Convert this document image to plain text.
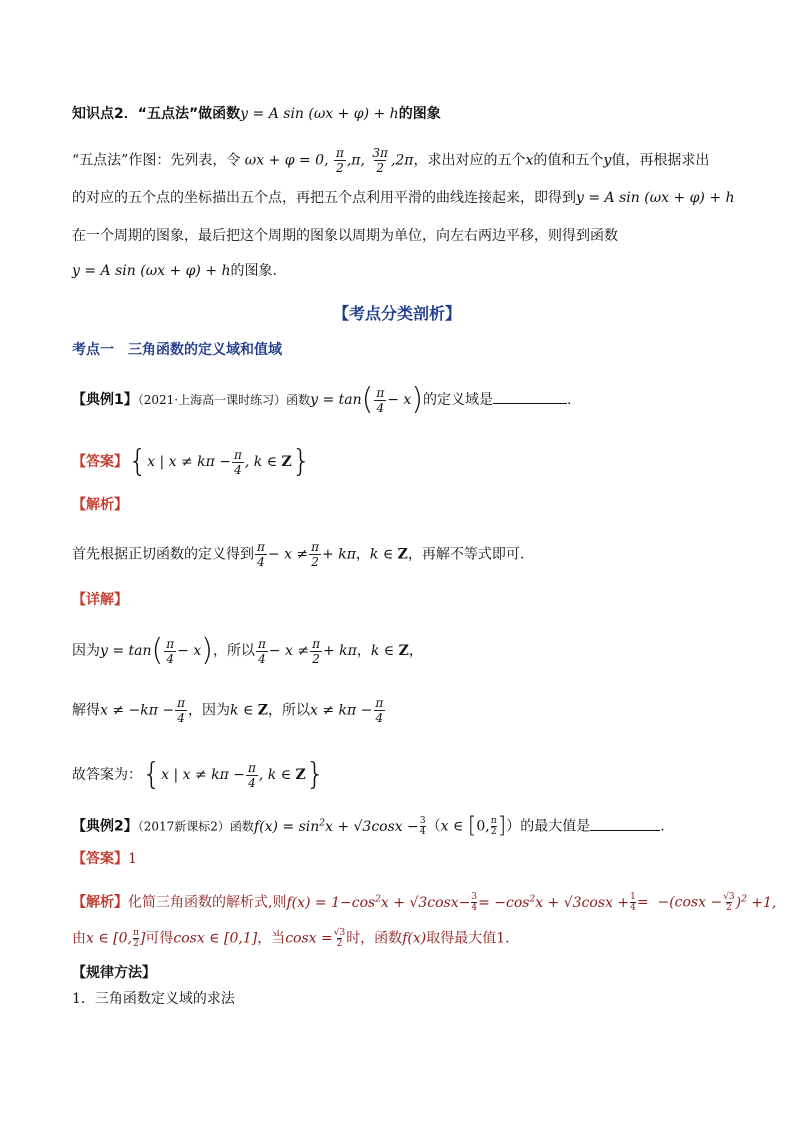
知识点2．“五点法”做函数y = A sin (ωx + φ) + h的图象
“五点法”作图：先列表，令 ωx + φ = 0, $\frac{\pi}{2} ,\pi$, $\frac{3\pi}{2} ,2\pi$，求出对应的五个x的值和五个y值，再根据求出
的对应的五个点的坐标描出五个点，再把五个点利用平滑的曲线连接起来，即得到y = A sin (ωx + φ) + h
在一个周期的图象，最后把这个周期的图象以周期为单位，向左右两边平移，则得到函数
y = A sin (ωx + φ) + h的图象.
【考点分类剖析】
考点一　三角函数的定义域和值域
【典例1】（2021·上海高一课时练习）函数$y = \tan( \frac{\pi}{4} - x)$的定义域是	.
【答案】{x | $x \ne k\pi - \frac{\pi}{4}$ , k ∈ Z}
【解析】
首先根据正切函数的定义得到 $\frac{\pi}{4} - x \ne \frac{\pi}{2} + k\pi$，k ∈ Z，再解不等式即可.
【详解】
因为$y = \tan( \frac{\pi}{4} - x)$，所以 $\frac{\pi}{4} - x \ne \frac{\pi}{2} + k\pi$，k ∈ Z，
解得$x \ne -k\pi - \frac{\pi}{4}$ ，因为k ∈ Z，所以$x \ne k\pi - \frac{\pi}{4}$
故答案为：{x | $x \ne k\pi - \frac{\pi}{4}$ , k ∈ Z}
【典例2】（2017新课标2）函数$f(x) = \sin^2x + √3\cos x - \frac{3}{4} (x$ ∈ [0, $\frac{\pi}{2}$ ]）的最大值是	.
【答案】1
【解析】化简三角函数的解析式,则$f(x) = 1-\cos^2x + √3\cos x- \frac{3}{4} = -\cos^2x + √3\cos x + \frac{1}{4} = -(\cos x - \frac{√3}{2} )^2 +1$,
由x ∈ [0, $\frac{\pi}{2}$ ]可得cosx ∈ [0,1]，当$\cos x = \frac{√3}{2}$ 时，函数f(x)取得最大值1.
【规律方法】
1．三角函数定义域的求法
